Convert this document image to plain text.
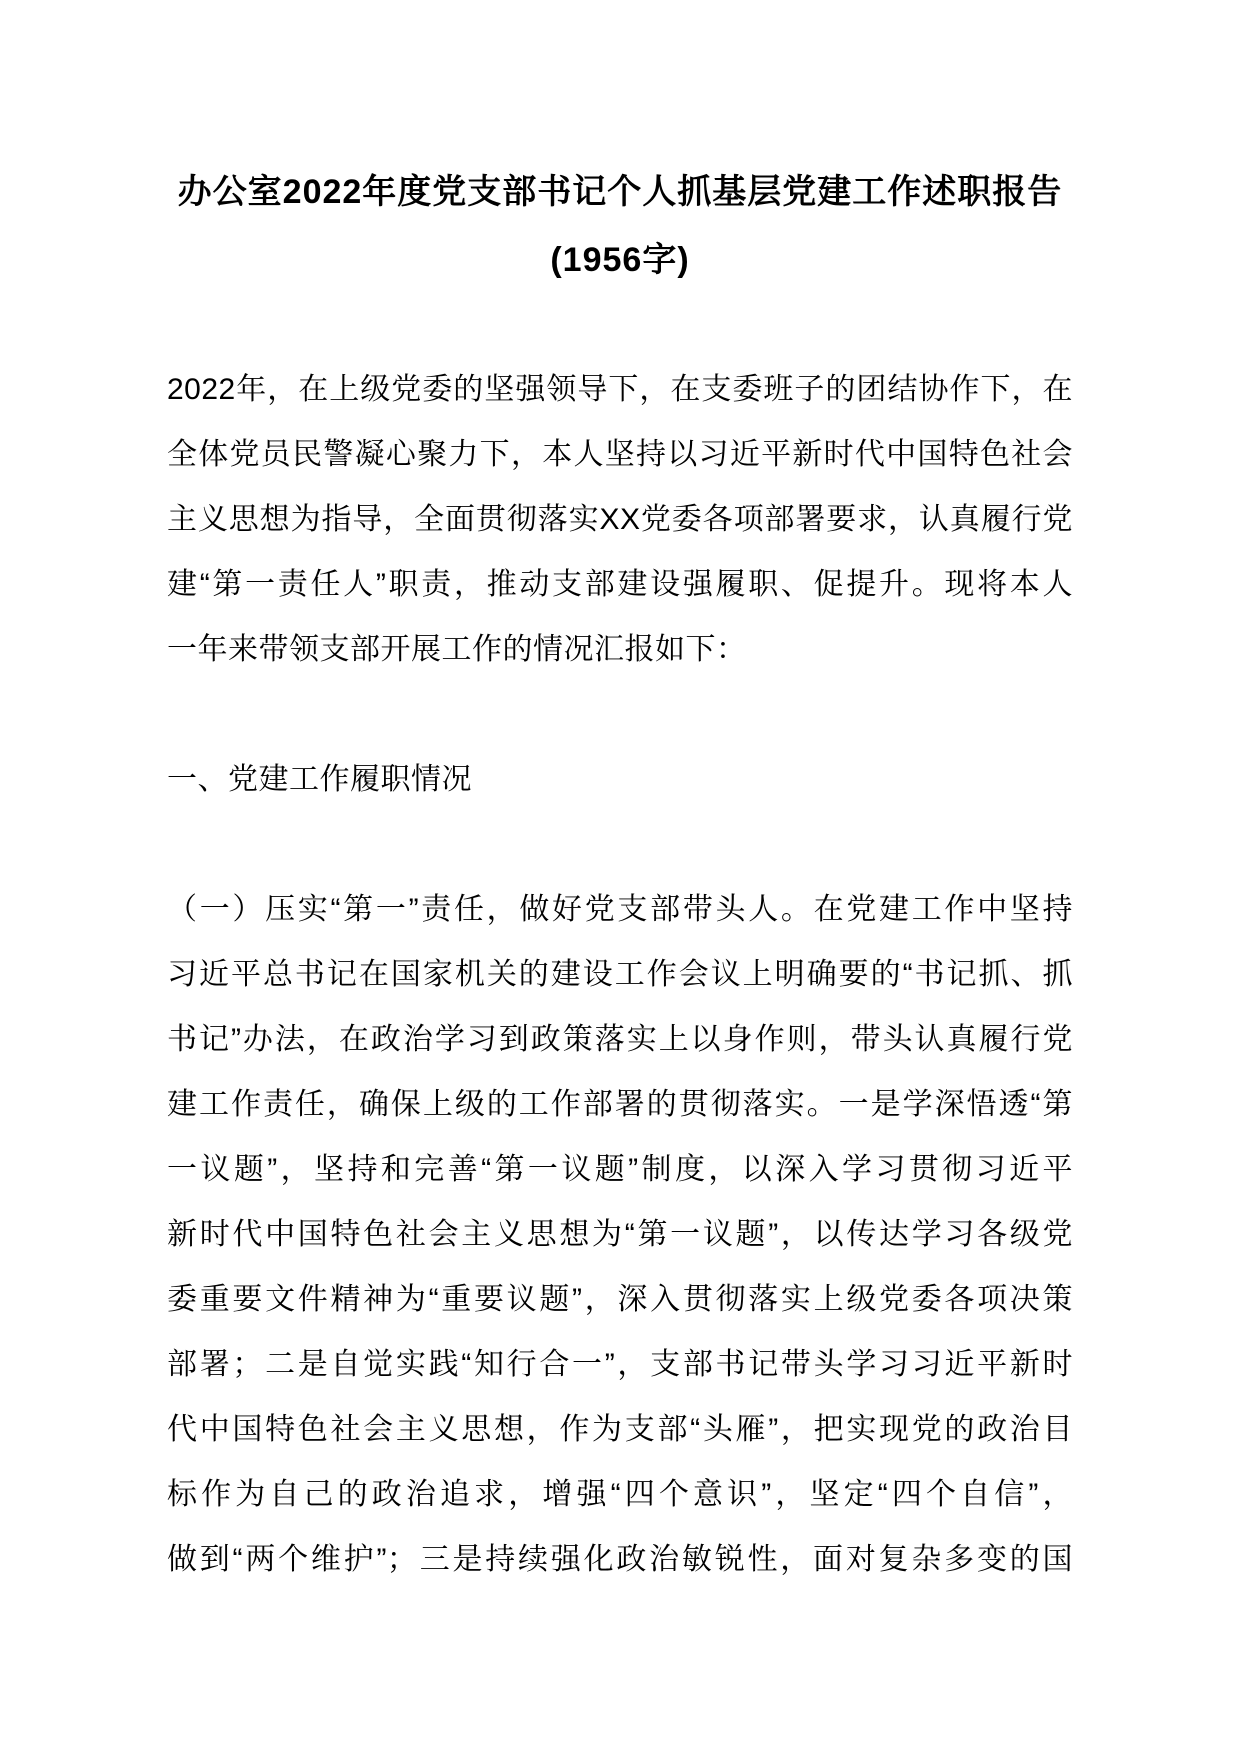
办公室2022年度党支部书记个人抓基层党建工作述职报告
(1956字)
2022年，在上级党委的坚强领导下，在支委班子的团结协作下，在
全体党员民警凝心聚力下，本人坚持以习近平新时代中国特色社会
主义思想为指导，全面贯彻落实XX党委各项部署要求，认真履行党
建“第一责任人”职责，推动支部建设强履职、促提升。现将本人
一年来带领支部开展工作的情况汇报如下：
一、党建工作履职情况
（一）压实“第一”责任，做好党支部带头人。在党建工作中坚持
习近平总书记在国家机关的建设工作会议上明确要的“书记抓、抓
书记”办法，在政治学习到政策落实上以身作则，带头认真履行党
建工作责任，确保上级的工作部署的贯彻落实。一是学深悟透“第
一议题”，坚持和完善“第一议题”制度，以深入学习贯彻习近平
新时代中国特色社会主义思想为“第一议题”，以传达学习各级党
委重要文件精神为“重要议题”，深入贯彻落实上级党委各项决策
部署；二是自觉实践“知行合一”，支部书记带头学习习近平新时
代中国特色社会主义思想，作为支部“头雁”，把实现党的政治目
标作为自己的政治追求，增强“四个意识”，坚定“四个自信”，
做到“两个维护”；三是持续强化政治敏锐性，面对复杂多变的国
